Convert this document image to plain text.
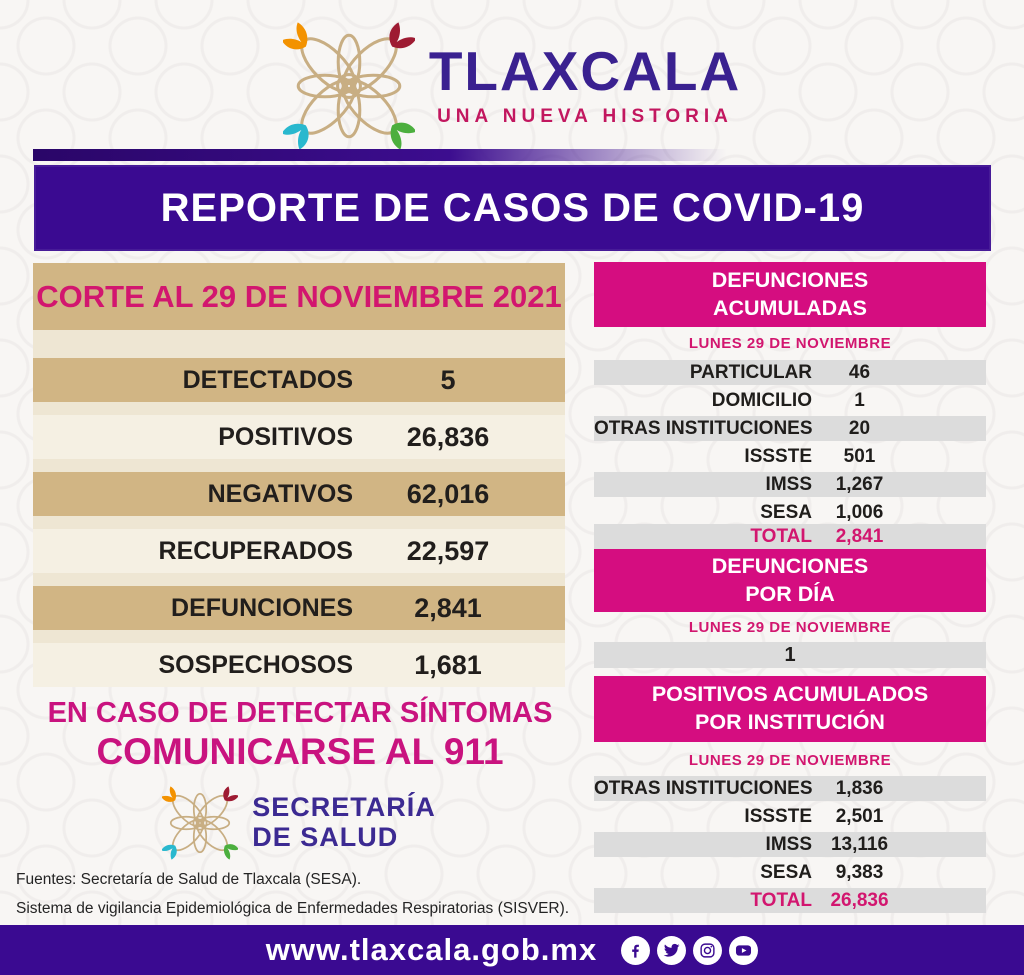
TLAXCALA
UNA NUEVA HISTORIA
REPORTE DE CASOS DE COVID-19
CORTE AL 29 DE NOVIEMBRE 2021
DETECTADOS	5
POSITIVOS	26,836
NEGATIVOS	62,016
RECUPERADOS	22,597
DEFUNCIONES	2,841
SOSPECHOSOS	1,681
EN CASO DE DETECTAR SÍNTOMAS
COMUNICARSE AL 911
SECRETARÍA
DE SALUD
Fuentes: Secretaría de Salud de Tlaxcala (SESA).
Sistema de vigilancia Epidemiológica de Enfermedades Respiratorias (SISVER).
DEFUNCIONES
ACUMULADAS
LUNES 29 DE NOVIEMBRE
PARTICULAR	46
DOMICILIO	1
OTRAS INSTITUCIONES	20
ISSSTE	501
IMSS	1,267
SESA	1,006
TOTAL	2,841
DEFUNCIONES
POR DÍA
LUNES 29 DE NOVIEMBRE
1
POSITIVOS ACUMULADOS
POR INSTITUCIÓN
LUNES 29 DE NOVIEMBRE
OTRAS INSTITUCIONES	1,836
ISSSTE	2,501
IMSS 13,116
SESA	9,383
TOTAL 26,836
www.tlaxcala.gob.mx
